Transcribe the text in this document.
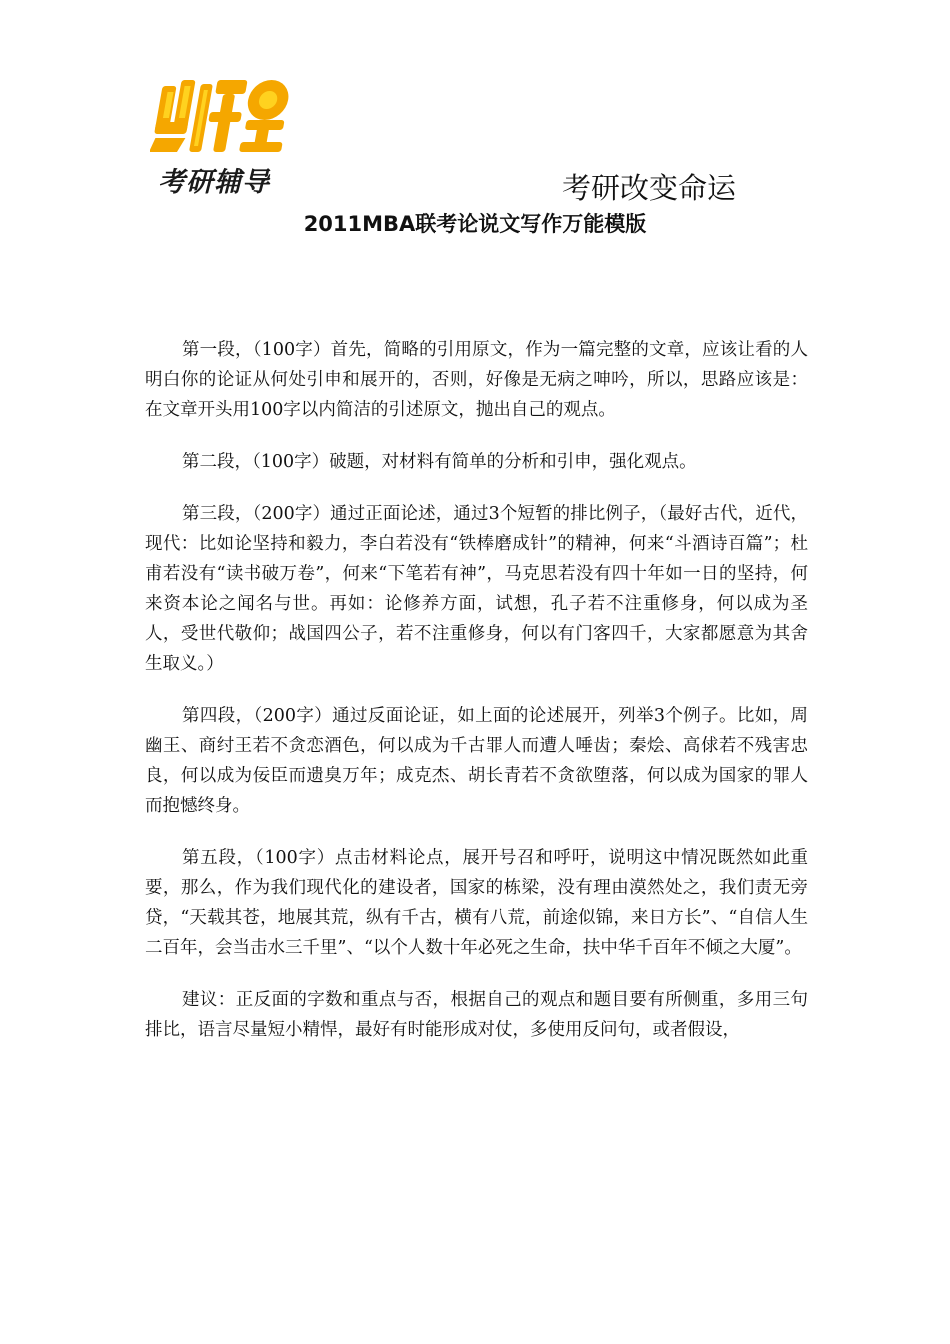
考研辅导	考研改变命运
2011MBA联考论说文写作万能模版

第一段，（100字）首先，简略的引用原文，作为一篇完整的文章，应该让看的人明白你的论证从何处引申和展开的，否则，好像是无病之呻吟，所以，思路应该是：在文章开头用100字以内简洁的引述原文，抛出自己的观点。

第二段，（100字）破题，对材料有简单的分析和引申，强化观点。

第三段，（200字）通过正面论述，通过3个短暂的排比例子，（最好古代，近代，现代：比如论坚持和毅力，李白若没有“铁棒磨成针”的精神，何来“斗酒诗百篇”；杜甫若没有“读书破万卷”，何来“下笔若有神”，马克思若没有四十年如一日的坚持，何来资本论之闻名与世。再如：论修养方面，试想，孔子若不注重修身，何以成为圣人，受世代敬仰；战国四公子，若不注重修身，何以有门客四千，大家都愿意为其舍生取义。）

第四段，（200字）通过反面论证，如上面的论述展开，列举3个例子。比如，周幽王、商纣王若不贪恋酒色，何以成为千古罪人而遭人唾齿；秦烩、高俅若不残害忠良，何以成为佞臣而遗臭万年；成克杰、胡长青若不贪欲堕落，何以成为国家的罪人而抱憾终身。

第五段，（100字）点击材料论点，展开号召和呼吁，说明这中情况既然如此重要，那么，作为我们现代化的建设者，国家的栋梁，没有理由漠然处之，我们责无旁贷，“天载其苍，地展其荒，纵有千古，横有八荒，前途似锦，来日方长”、“自信人生二百年，会当击水三千里”、“以个人数十年必死之生命，扶中华千百年不倾之大厦”。

建议：正反面的字数和重点与否，根据自己的观点和题目要有所侧重，多用三句排比，语言尽量短小精悍，最好有时能形成对仗，多使用反问句，或者假设，
